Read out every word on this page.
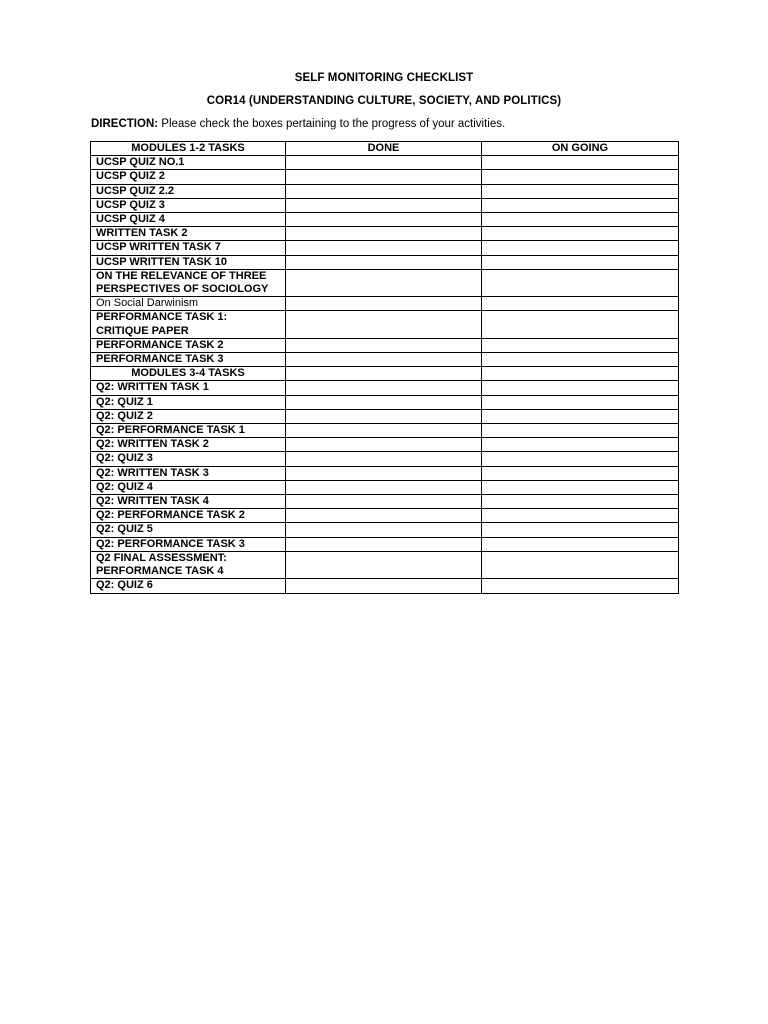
SELF MONITORING CHECKLIST
COR14 (UNDERSTANDING CULTURE, SOCIETY, AND POLITICS)
DIRECTION: Please check the boxes pertaining to the progress of your activities.
MODULES 1-2 TASKS	DONE	ON GOING
UCSP QUIZ NO.1		
UCSP QUIZ 2		
UCSP QUIZ 2.2		
UCSP QUIZ 3		
UCSP QUIZ 4		
WRITTEN TASK 2		
UCSP WRITTEN TASK 7		
UCSP WRITTEN TASK 10		
ON THE RELEVANCE OF THREE PERSPECTIVES OF SOCIOLOGY		
On Social Darwinism		
PERFORMANCE TASK 1: CRITIQUE PAPER		
PERFORMANCE TASK 2		
PERFORMANCE TASK 3		
MODULES 3-4 TASKS		
Q2: WRITTEN TASK 1		
Q2: QUIZ 1		
Q2: QUIZ 2		
Q2: PERFORMANCE TASK 1		
Q2: WRITTEN TASK 2		
Q2: QUIZ 3		
Q2: WRITTEN TASK 3		
Q2: QUIZ 4		
Q2: WRITTEN TASK 4		
Q2: PERFORMANCE TASK 2		
Q2: QUIZ 5		
Q2: PERFORMANCE TASK 3		
Q2 FINAL ASSESSMENT: PERFORMANCE TASK 4		
Q2: QUIZ 6		
